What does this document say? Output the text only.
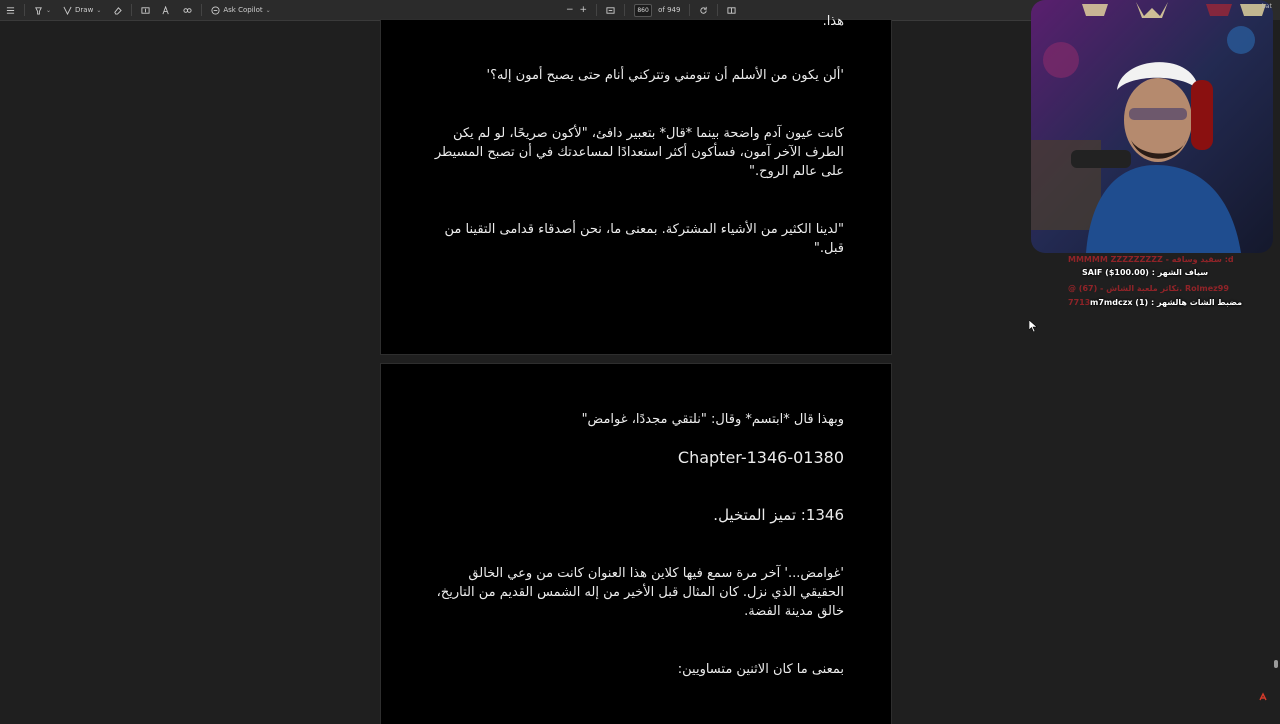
⌄	Draw ⌄	Ask Copilot ⌄	− +
860	of 949
هذا.
'ألن يكون من الأسلم أن تنومني وتتركني أنام حتى يصبح أمون إله؟'
كانت عيون آدم واضحة بينما *قال* بتعبير دافئ، "لأكون صريحًا، لو لم يكن الطرف الآخر آمون، فسأكون أكثر استعدادًا لمساعدتك في أن تصبح المسيطر على عالم الروح."
"لدينا الكثير من الأشياء المشتركة. بمعنى ما، نحن أصدقاء قدامى التقينا من قبل."
وبهذا قال *ابتسم* وقال: "نلتقي مجددًا، غوامض"
Chapter-1346-01380
1346: تميز المتخيل.
'غوامض...' آخر مرة سمع فيها كلاين هذا العنوان كانت من وعي الخالق الحقيقي الذي نزل. كان المثال قبل الأخير من إله الشمس القديم من التاريخ، خالق مدينة الفضة.
بمعنى ما كان الاثنين متساويين:
bat
MMMMM ZZZZZZZZZ - سقيد وساقه :d
SAIF ($100.00) : سياف الشهر
@ تكاثر ملعبة الشاش - (67). Rolmez99
7713 m7mdczx (1) : مضبط الشات هالشهر
